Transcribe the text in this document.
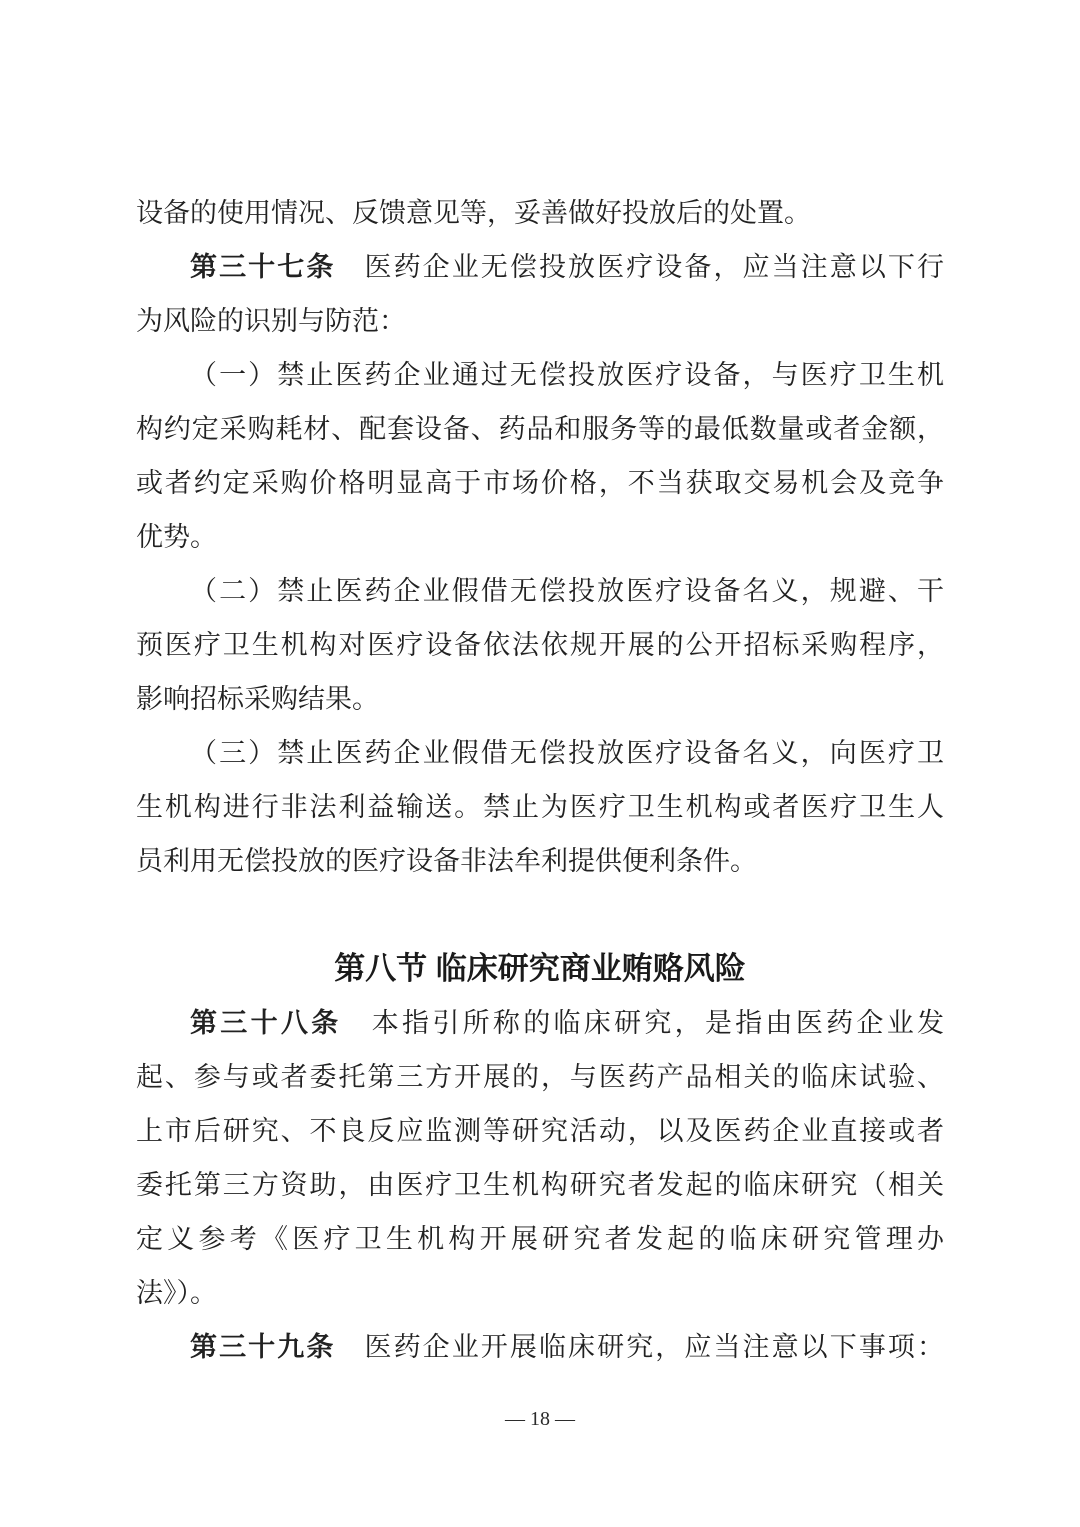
设备的使用情况、反馈意见等，妥善做好投放后的处置。
第三十七条　医药企业无偿投放医疗设备，应当注意以下行
为风险的识别与防范：
（一）禁止医药企业通过无偿投放医疗设备，与医疗卫生机
构约定采购耗材、配套设备、药品和服务等的最低数量或者金额，
或者约定采购价格明显高于市场价格，不当获取交易机会及竞争
优势。
（二）禁止医药企业假借无偿投放医疗设备名义，规避、干
预医疗卫生机构对医疗设备依法依规开展的公开招标采购程序，
影响招标采购结果。
（三）禁止医药企业假借无偿投放医疗设备名义，向医疗卫
生机构进行非法利益输送。禁止为医疗卫生机构或者医疗卫生人
员利用无偿投放的医疗设备非法牟利提供便利条件。
第八节 临床研究商业贿赂风险
第三十八条　本指引所称的临床研究，是指由医药企业发
起、参与或者委托第三方开展的，与医药产品相关的临床试验、
上市后研究、不良反应监测等研究活动，以及医药企业直接或者
委托第三方资助，由医疗卫生机构研究者发起的临床研究（相关
定义参考《医疗卫生机构开展研究者发起的临床研究管理办
法》）。
第三十九条　医药企业开展临床研究，应当注意以下事项：
— 18 —
